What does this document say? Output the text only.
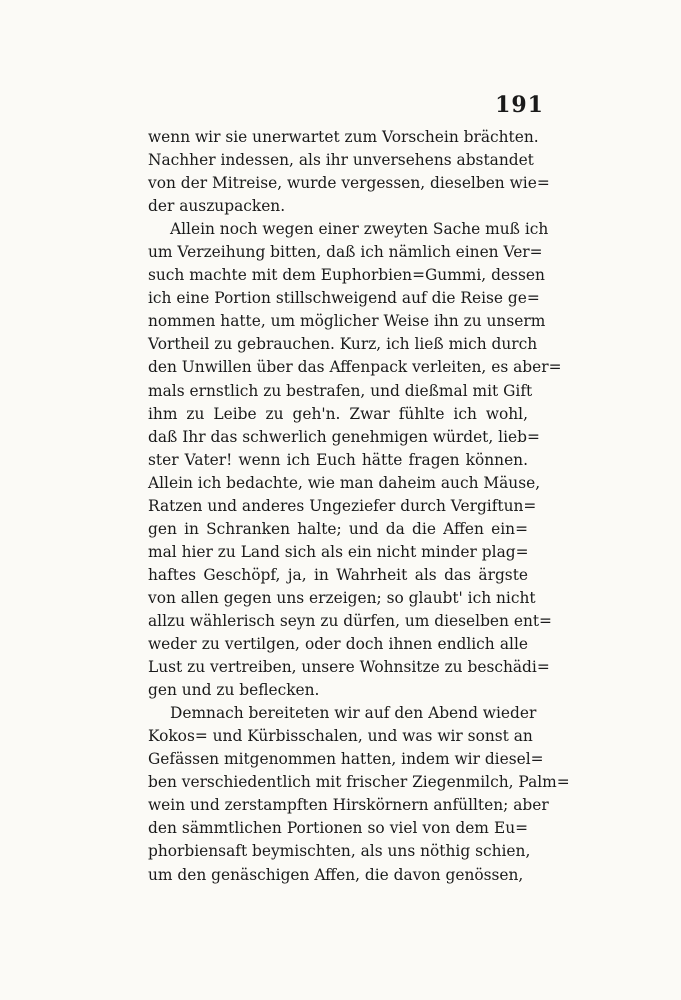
191
wenn wir sie unerwartet zum Vorschein brächten.
Nachher indessen, als ihr unversehens abstandet
von der Mitreise, wurde vergessen, dieselben wie=
der auszupacken.
Allein noch wegen einer zweyten Sache muß ich
um Verzeihung bitten, daß ich nämlich einen Ver=
such machte mit dem Euphorbien=Gummi, dessen
ich eine Portion stillschweigend auf die Reise ge=
nommen hatte, um möglicher Weise ihn zu unserm
Vortheil zu gebrauchen. Kurz, ich ließ mich durch
den Unwillen über das Affenpack verleiten, es aber=
mals ernstlich zu bestrafen, und dießmal mit Gift
ihm zu Leibe zu geh'n. Zwar fühlte ich wohl,
daß Ihr das schwerlich genehmigen würdet, lieb=
ster Vater! wenn ich Euch hätte fragen können.
Allein ich bedachte, wie man daheim auch Mäuse,
Ratzen und anderes Ungeziefer durch Vergiftun=
gen in Schranken halte; und da die Affen ein=
mal hier zu Land sich als ein nicht minder plag=
haftes Geschöpf, ja, in Wahrheit als das ärgste
von allen gegen uns erzeigen; so glaubt' ich nicht
allzu wählerisch seyn zu dürfen, um dieselben ent=
weder zu vertilgen, oder doch ihnen endlich alle
Lust zu vertreiben, unsere Wohnsitze zu beschädi=
gen und zu beflecken.
Demnach bereiteten wir auf den Abend wieder
Kokos= und Kürbisschalen, und was wir sonst an
Gefässen mitgenommen hatten, indem wir diesel=
ben verschiedentlich mit frischer Ziegenmilch, Palm=
wein und zerstampften Hirskörnern anfüllten; aber
den sämmtlichen Portionen so viel von dem Eu=
phorbiensaft beymischten, als uns nöthig schien,
um den genäschigen Affen, die davon genössen,
